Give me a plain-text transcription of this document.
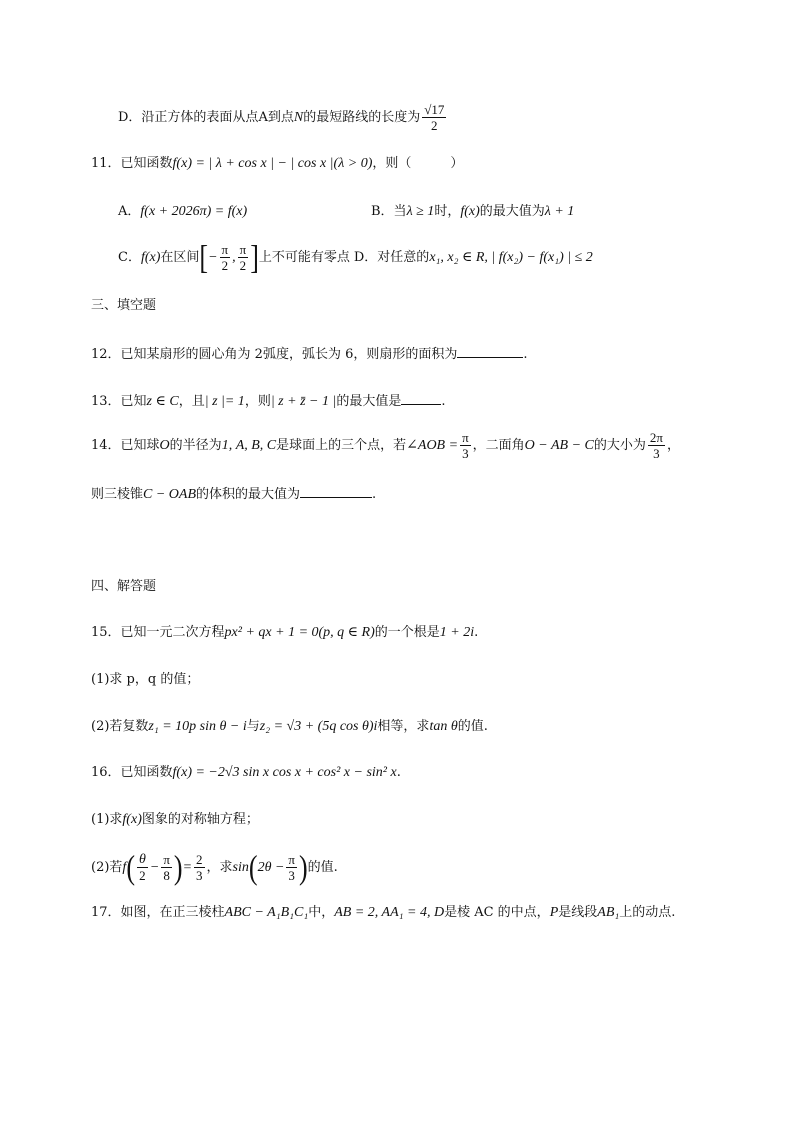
D．沿正方体的表面从点A到点N的最短路线的长度为 $\frac{√17}{2}$
11．已知函数f(x) = | λ + cos x | − | cos x |(λ > 0)，则（　　　）
A．f(x + 2026π) = f(x)	B．当λ ≥ 1时，f(x)的最大值为λ + 1
C．f(x)在区间[− $\frac{\pi}{2}$ , $\frac{\pi}{2}$ ]上不可能有零点 D．对任意的x₁, x₂ ∈ R, | f(x₂) − f(x₁) | ≤ 2
三、填空题
12．已知某扇形的圆心角为 2弧度，弧长为 6，则扇形的面积为	.
13．已知z ∈ C，且| z |= 1，则| z + z̄ − 1 |的最大值是	.
14．已知球O的半径为1, A, B, C是球面上的三个点，若∠AOB = $\frac{\pi}{3}$ ，二面角O − AB − C的大小为 $\frac{2\pi}{3}$ ，
则三棱锥C − OAB的体积的最大值为	.
四、解答题
15．已知一元二次方程px² + qx + 1 = 0(p, q ∈ R)的一个根是1 + 2i.
(1)求 p，q 的值；
(2)若复数z₁ = 10p sin θ − i与z₂ = √3 + (5q cos θ)i相等，求tan θ的值.
16．已知函数f(x) = −2√3 sin x cos x + cos² x − sin² x.
(1)求f(x)图象的对称轴方程；
(2)若$f( \frac{\theta}{2} - \frac{\pi}{8}$ )= $\frac{2}{3}$ ，求$\sin(2\theta - \frac{\pi}{3}$ )的值.
17．如图，在正三棱柱ABC − A₁B₁C₁中，AB = 2, AA₁ = 4, D是棱 AC 的中点，P是线段AB₁上的动点.
